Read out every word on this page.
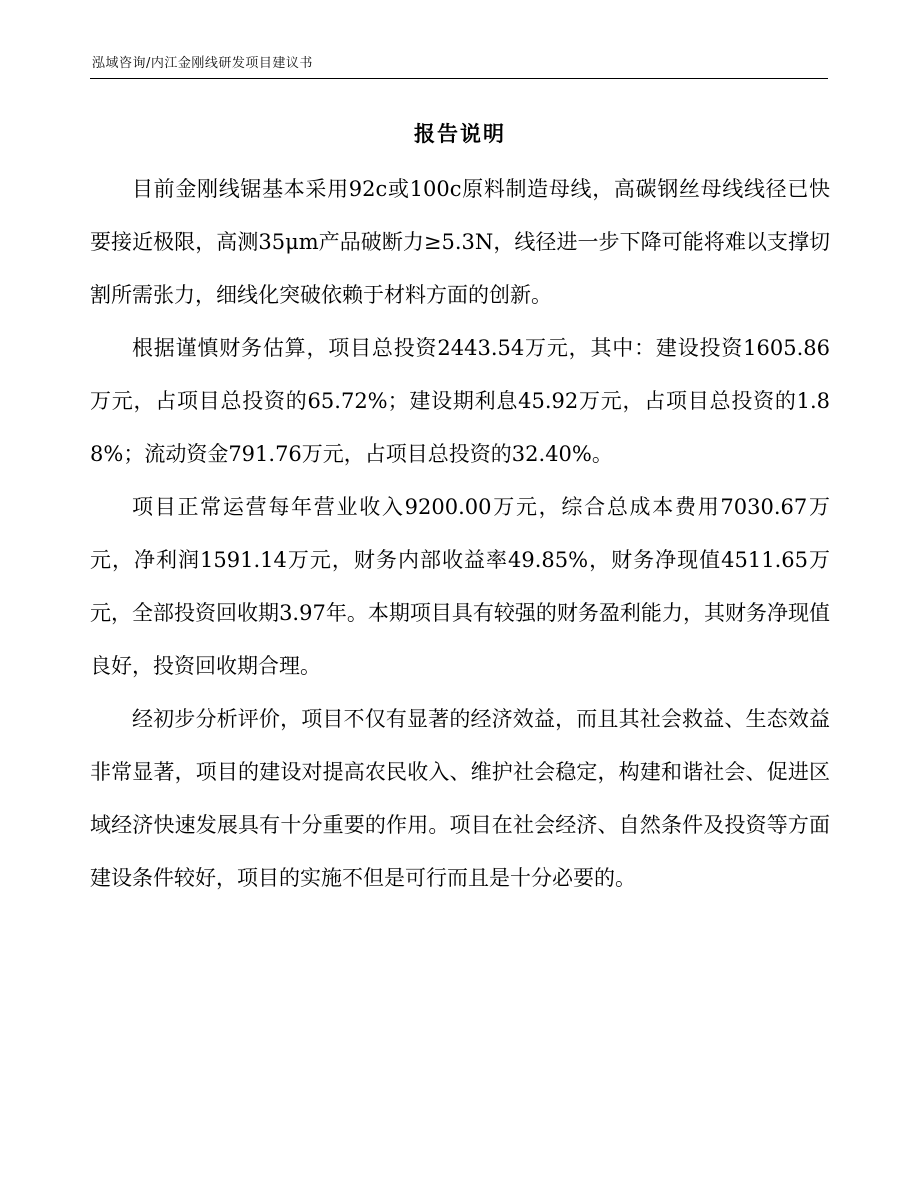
泓域咨询/内江金刚线研发项目建议书
报告说明

目前金刚线锯基本采用92c或100c原料制造母线，高碳钢丝母线线径已快要接近极限，高测35μm产品破断力≥5.3N，线径进一步下降可能将难以支撑切割所需张力，细线化突破依赖于材料方面的创新。

根据谨慎财务估算，项目总投资2443.54万元，其中：建设投资1605.86万元，占项目总投资的65.72%；建设期利息45.92万元，占项目总投资的1.88%；流动资金791.76万元，占项目总投资的32.40%。

项目正常运营每年营业收入9200.00万元，综合总成本费用7030.67万元，净利润1591.14万元，财务内部收益率49.85%，财务净现值4511.65万元，全部投资回收期3.97年。本期项目具有较强的财务盈利能力，其财务净现值良好，投资回收期合理。

经初步分析评价，项目不仅有显著的经济效益，而且其社会救益、生态效益非常显著，项目的建设对提高农民收入、维护社会稳定，构建和谐社会、促进区域经济快速发展具有十分重要的作用。项目在社会经济、自然条件及投资等方面建设条件较好，项目的实施不但是可行而且是十分必要的。
